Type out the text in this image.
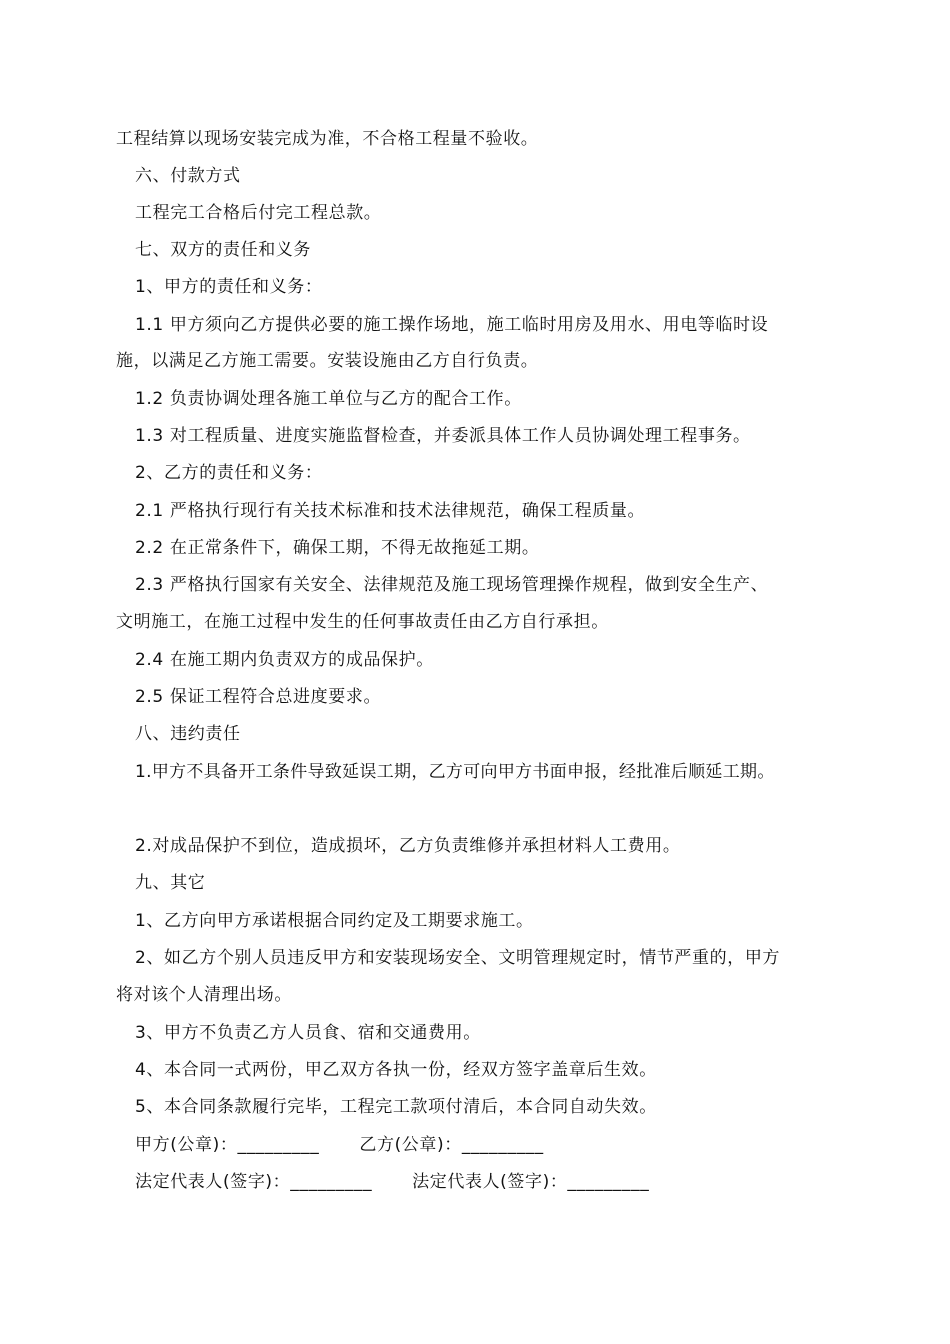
工程结算以现场安装完成为准，不合格工程量不验收。
六、付款方式
工程完工合格后付完工程总款。
七、双方的责任和义务
1、甲方的责任和义务：
1.1 甲方须向乙方提供必要的施工操作场地，施工临时用房及用水、用电等临时设
施，以满足乙方施工需要。安装设施由乙方自行负责。
1.2 负责协调处理各施工单位与乙方的配合工作。
1.3 对工程质量、进度实施监督检查，并委派具体工作人员协调处理工程事务。
2、乙方的责任和义务：
2.1 严格执行现行有关技术标准和技术法律规范，确保工程质量。
2.2 在正常条件下，确保工期，不得无故拖延工期。
2.3 严格执行国家有关安全、法律规范及施工现场管理操作规程，做到安全生产、
文明施工，在施工过程中发生的任何事故责任由乙方自行承担。
2.4 在施工期内负责双方的成品保护。
2.5 保证工程符合总进度要求。
八、违约责任
1.甲方不具备开工条件导致延误工期，乙方可向甲方书面申报，经批准后顺延工期。
2.对成品保护不到位，造成损坏，乙方负责维修并承担材料人工费用。
九、其它
1、乙方向甲方承诺根据合同约定及工期要求施工。
2、如乙方个别人员违反甲方和安装现场安全、文明管理规定时，情节严重的，甲方
将对该个人清理出场。
3、甲方不负责乙方人员食、宿和交通费用。
4、本合同一式两份，甲乙双方各执一份，经双方签字盖章后生效。
5、本合同条款履行完毕，工程完工款项付清后，本合同自动失效。
甲方(公章)：_________ 乙方(公章)：_________
法定代表人(签字)：_________ 法定代表人(签字)：_________
